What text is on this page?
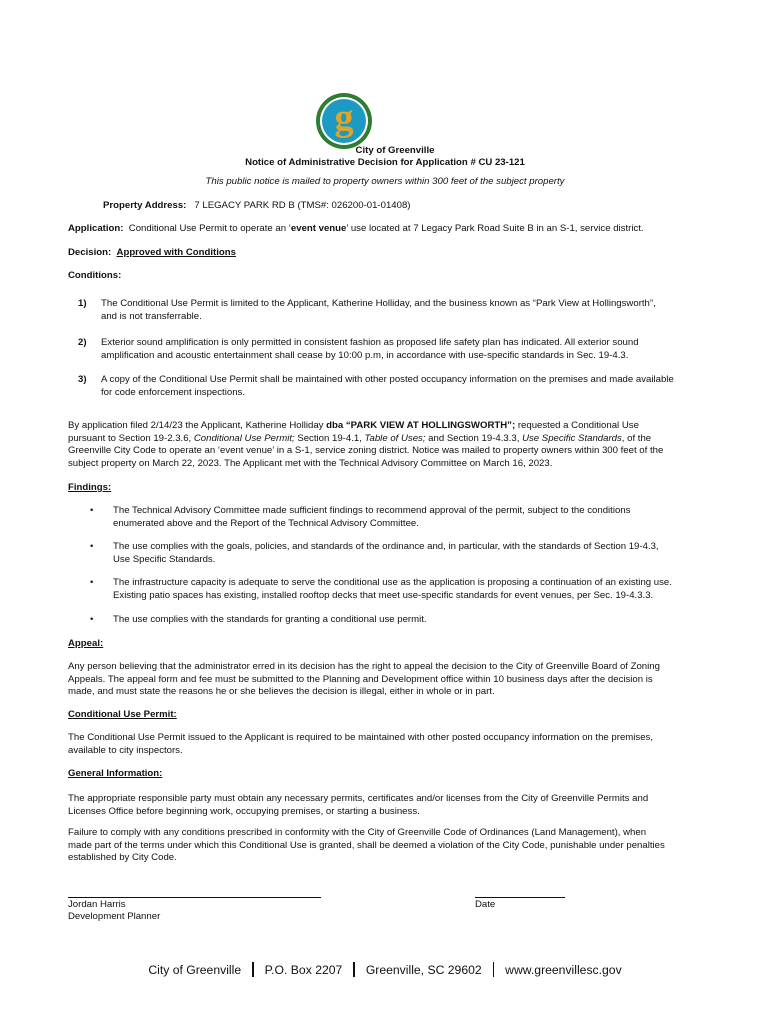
g
City of Greenville
Notice of Administrative Decision for Application # CU 23-121
This public notice is mailed to property owners within 300 feet of the subject property
Property Address: 7 LEGACY PARK RD B (TMS#: 026200-01-01408)
Application: Conditional Use Permit to operate an ‘event venue’ use located at 7 Legacy Park Road Suite B in an S-1, service district.
Decision: Approved with Conditions
Conditions:
1) The Conditional Use Permit is limited to the Applicant, Katherine Holliday, and the business known as “Park View at Hollingsworth”,
and is not transferrable.
2) Exterior sound amplification is only permitted in consistent fashion as proposed life safety plan has indicated. All exterior sound
amplification and acoustic entertainment shall cease by 10:00 p.m, in accordance with use-specific standards in Sec. 19-4.3.
3) A copy of the Conditional Use Permit shall be maintained with other posted occupancy information on the premises and made available
for code enforcement inspections.
By application filed 2/14/23 the Applicant, Katherine Holliday dba “PARK VIEW AT HOLLINGSWORTH”; requested a Conditional Use
pursuant to Section 19-2.3.6, Conditional Use Permit; Section 19-4.1, Table of Uses; and Section 19-4.3.3, Use Specific Standards, of the
Greenville City Code to operate an ‘event venue’ in a S-1, service zoning district. Notice was mailed to property owners within 300 feet of the
subject property on March 22, 2023. The Applicant met with the Technical Advisory Committee on March 16, 2023.
Findings:
• The Technical Advisory Committee made sufficient findings to recommend approval of the permit, subject to the conditions
enumerated above and the Report of the Technical Advisory Committee.
• The use complies with the goals, policies, and standards of the ordinance and, in particular, with the standards of Section 19-4.3,
Use Specific Standards.
• The infrastructure capacity is adequate to serve the conditional use as the application is proposing a continuation of an existing use.
Existing patio spaces has existing, installed rooftop decks that meet use-specific standards for event venues, per Sec. 19-4.3.3.
• The use complies with the standards for granting a conditional use permit.
Appeal:
Any person believing that the administrator erred in its decision has the right to appeal the decision to the City of Greenville Board of Zoning
Appeals. The appeal form and fee must be submitted to the Planning and Development office within 10 business days after the decision is
made, and must state the reasons he or she believes the decision is illegal, either in whole or in part.
Conditional Use Permit:
The Conditional Use Permit issued to the Applicant is required to be maintained with other posted occupancy information on the premises,
available to city inspectors.
General Information:
The appropriate responsible party must obtain any necessary permits, certificates and/or licenses from the City of Greenville Permits and
Licenses Office before beginning work, occupying premises, or starting a business.
Failure to comply with any conditions prescribed in conformity with the City of Greenville Code of Ordinances (Land Management), when
made part of the terms under which this Conditional Use is granted, shall be deemed a violation of the City Code, punishable under penalties
established by City Code.
Jordan Harris
Development Planner
Date
City of Greenville P.O. Box 2207 Greenville, SC 29602 www.greenvillesc.gov
